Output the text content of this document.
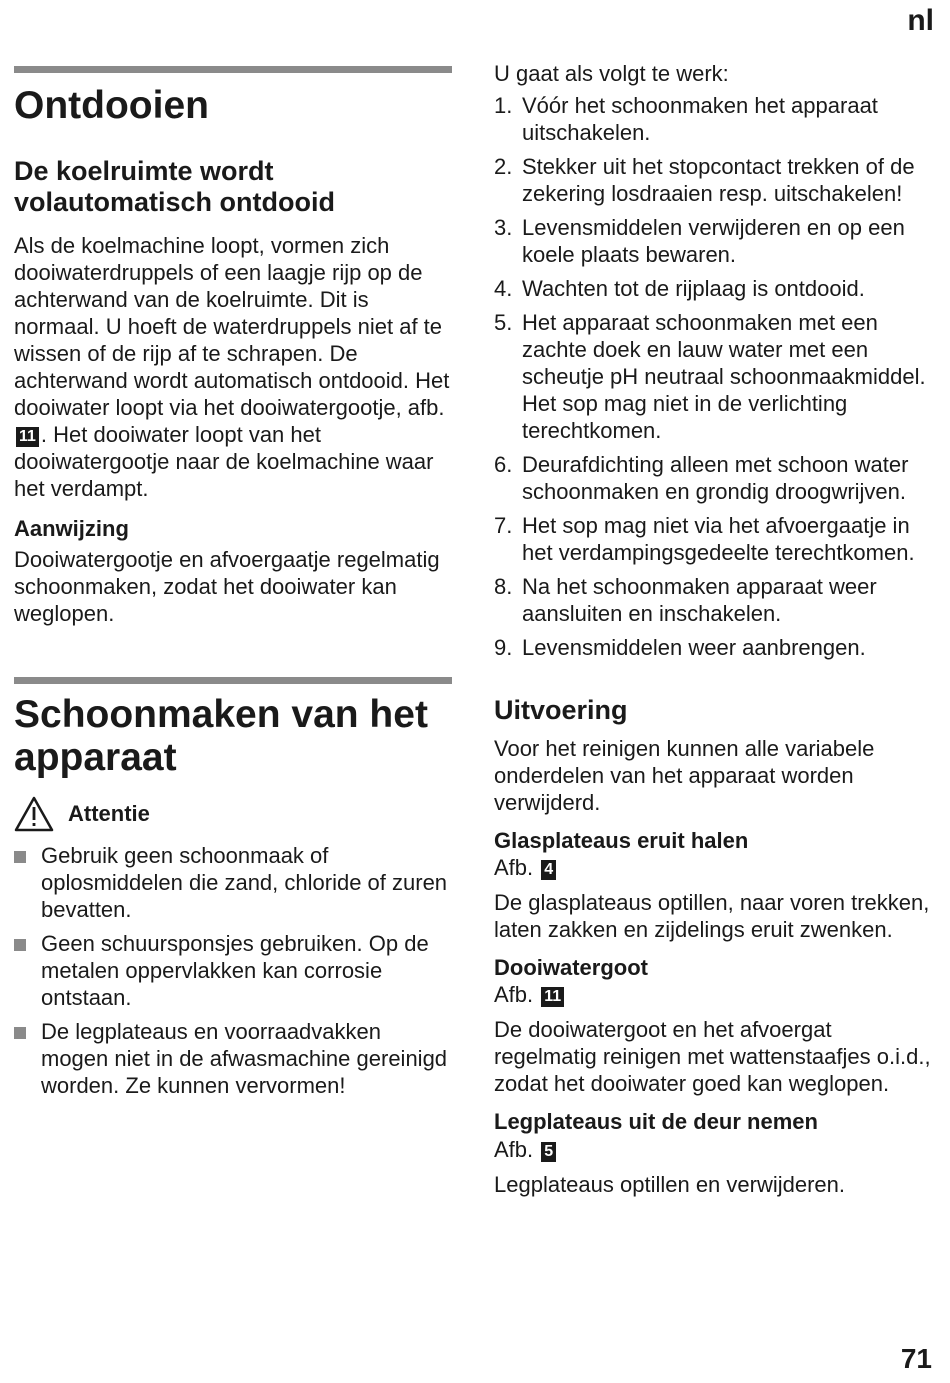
nl
Ontdooien
De koelruimte wordt volautomatisch ontdooid

Als de koelmachine loopt, vormen zich dooiwaterdruppels of een laagje rijp op de achterwand van de koelruimte. Dit is normaal. U hoeft de waterdruppels niet af te wissen of de rijp af te schrapen. De achterwand wordt automatisch ontdooid. Het dooiwater loopt via het dooiwatergootje, afb. 11 . Het dooiwater loopt van het dooiwatergootje naar de koelmachine waar het verdampt.

Aanwijzing

Dooiwatergootje en afvoergaatje regelmatig schoonmaken, zodat het dooiwater kan weglopen.

Schoonmaken van het apparaat
Attentie
Gebruik geen schoonmaak of oplosmiddelen die zand, chloride of zuren bevatten.
Geen schuursponsjes gebruiken. Op de metalen oppervlakken kan corrosie ontstaan.
De legplateaus en voorraadvakken mogen niet in de afwasmachine gereinigd worden. Ze kunnen vervormen!

U gaat als volgt te werk:

1. Vóór het schoonmaken het apparaat uitschakelen.
2. Stekker uit het stopcontact trekken of de zekering losdraaien resp. uitschakelen!
3. Levensmiddelen verwijderen en op een koele plaats bewaren.
4. Wachten tot de rijplaag is ontdooid.
5. Het apparaat schoonmaken met een zachte doek en lauw water met een scheutje pH neutraal schoonmaakmiddel. Het sop mag niet in de verlichting terechtkomen.
6. Deurafdichting alleen met schoon water schoonmaken en grondig droogwrijven.
7. Het sop mag niet via het afvoergaatje in het verdampingsgedeelte terechtkomen.
8. Na het schoonmaken apparaat weer aansluiten en inschakelen.
9. Levensmiddelen weer aanbrengen.
Uitvoering

Voor het reinigen kunnen alle variabele onderdelen van het apparaat worden verwijderd.

Glasplateaus eruit halen

Afb. 4

De glasplateaus optillen, naar voren trekken, laten zakken en zijdelings eruit zwenken.

Dooiwatergoot

Afb. 11

De dooiwatergoot en het afvoergat regelmatig reinigen met wattenstaafjes o.i.d., zodat het dooiwater goed kan weglopen.

Legplateaus uit de deur nemen

Afb. 5

Legplateaus optillen en verwijderen.

71
